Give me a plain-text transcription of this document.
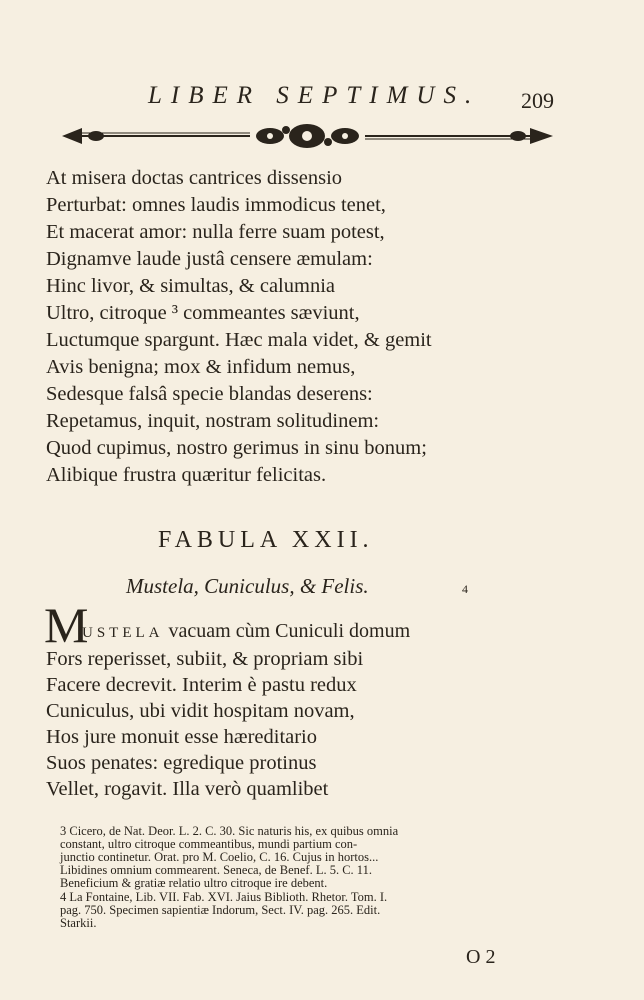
LIBER SEPTIMUS. 209
At misera doctas cantrices dissensio
Perturbat: omnes laudis immodicus tenet,
Et macerat amor: nulla ferre suam potest,
Dignamve laude justâ censere æmulam:
Hinc livor, & simultas, & calumnia
Ultro, citroque ³ commeantes sæviunt,
Luctumque spargunt. Hæc mala videt, & gemit
Avis benigna; mox & infidum nemus,
Sedesque falsâ specie blandas deserens:
Repetamus, inquit, nostram solitudinem:
Quod cupimus, nostro gerimus in sinu bonum;
Alibique frustra quæritur felicitas.
FABULA XXII.
Mustela, Cuniculus, & Felis.	4
M
USTELA vacuam cùm Cuniculi domum
Fors reperisset, subiit, & propriam sibi
Facere decrevit. Interim è pastu redux
Cuniculus, ubi vidit hospitam novam,
Hos jure monuit esse hæreditario
Suos penates: egredique protinus
Vellet, rogavit. Illa verò quamlibet
3 Cicero, de Nat. Deor. L. 2. C. 30. Sic naturis his, ex quibus omnia
constant, ultro citroque commeantibus, mundi partium con-
junctio continetur. Orat. pro M. Coelio, C. 16. Cujus in hortos...
Libidines omnium commearent. Seneca, de Benef. L. 5. C. 11.
Beneficium & gratiæ relatio ultro citroque ire debent.
4 La Fontaine, Lib. VII. Fab. XVI. Jaius Biblioth. Rhetor. Tom. I.
pag. 750. Specimen sapientiæ Indorum, Sect. IV. pag. 265. Edit.
Starkii.
O 2
